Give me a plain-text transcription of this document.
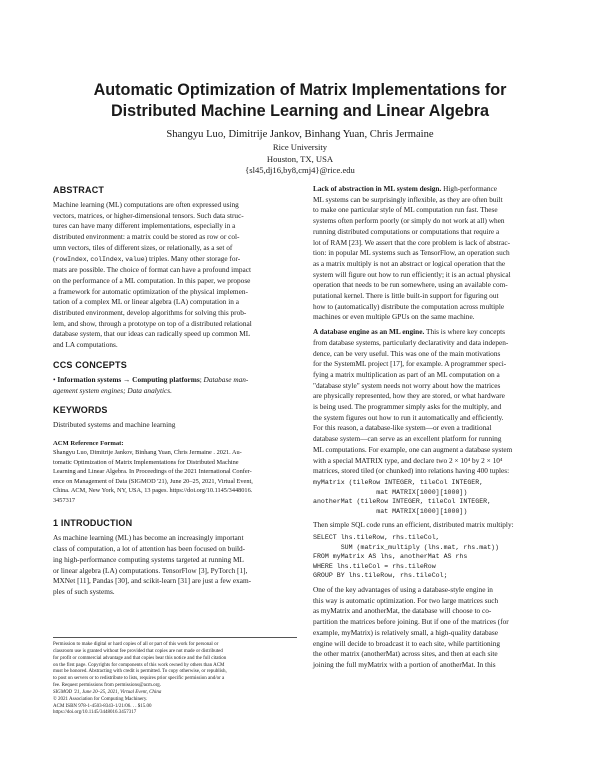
Automatic Optimization of Matrix Implementations for
Distributed Machine Learning and Linear Algebra

Shangyu Luo, Dimitrije Jankov, Binhang Yuan, Chris Jermaine

Rice University
Houston, TX, USA
{sl45,dj16,by8,cmj4}@rice.edu
ABSTRACT
Machine learning (ML) computations are often expressed using
vectors, matrices, or higher-dimensional tensors. Such data struc-
tures can have many different implementations, especially in a
distributed environment: a matrix could be stored as row or col-
umn vectors, tiles of different sizes, or relationally, as a set of
(rowIndex, colIndex, value) triples. Many other storage for-
mats are possible. The choice of format can have a profound impact
on the performance of a ML computation. In this paper, we propose
a framework for automatic optimization of the physical implemen-
tation of a complex ML or linear algebra (LA) computation in a
distributed environment, develop algorithms for solving this prob-
lem, and show, through a prototype on top of a distributed relational
database system, that our ideas can radically speed up common ML
and LA computations.
CCS CONCEPTS
• Information systems → Computing platforms; Database man-
agement system engines; Data analytics.
KEYWORDS
Distributed systems and machine learning
ACM Reference Format:
Shangyu Luo, Dimitrije Jankov, Binhang Yuan, Chris Jermaine . 2021. Au-
tomatic Optimization of Matrix Implementations for Distributed Machine
Learning and Linear Algebra. In Proceedings of the 2021 International Confer-
ence on Management of Data (SIGMOD '21), June 20–25, 2021, Virtual Event,
China. ACM, New York, NY, USA, 13 pages. https://doi.org/10.1145/3448016.
3457317
1 INTRODUCTION
As machine learning (ML) has become an increasingly important
class of computation, a lot of attention has been focused on build-
ing high-performance computing systems targeted at running ML
or linear algebra (LA) computations. TensorFlow [3], PyTorch [1],
MXNet [11], Pandas [30], and scikit-learn [31] are just a few exam-
ples of such systems.
Permission to make digital or hard copies of all or part of this work for personal or
classroom use is granted without fee provided that copies are not made or distributed
for profit or commercial advantage and that copies bear this notice and the full citation
on the first page. Copyrights for components of this work owned by others than ACM
must be honored. Abstracting with credit is permitted. To copy otherwise, or republish,
to post on servers or to redistribute to lists, requires prior specific permission and/or a
fee. Request permissions from permissions@acm.org.
SIGMOD '21, June 20–25, 2021, Virtual Event, China
© 2021 Association for Computing Machinery.
ACM ISBN 978-1-4503-8343-1/21/06. . . $15.00
https://doi.org/10.1145/3448016.3457317
Lack of abstraction in ML system design. High-performance
ML systems can be surprisingly inflexible, as they are often built
to make one particular style of ML computation run fast. These
systems often perform poorly (or simply do not work at all) when
running distributed computations or computations that require a
lot of RAM [23]. We assert that the core problem is lack of abstrac-
tion: in popular ML systems such as TensorFlow, an operation such
as a matrix multiply is not an abstract or logical operation that the
system will figure out how to run efficiently; it is an actual physical
operation that needs to be run somewhere, using an available com-
putational kernel. There is little built-in support for figuring out
how to (automatically) distribute the computation across multiple
machines or even multiple GPUs on the same machine.
A database engine as an ML engine. This is where key concepts
from database systems, particularly declarativity and data indepen-
dence, can be very useful. This was one of the main motivations
for the SystemML project [17], for example. A programmer speci-
fying a matrix multiplication as part of an ML computation on a
"database style" system needs not worry about how the matrices
are physically represented, how they are stored, or what hardware
is being used. The programmer simply asks for the multiply, and
the system figures out how to run it automatically and efficiently.
For this reason, a database-like system—or even a traditional
database system—can serve as an excellent platform for running
ML computations. For example, one can augment a database system
with a special MATRIX type, and declare two 2 × 10⁴ by 2 × 10⁴
matrices, stored tiled (or chunked) into relations having 400 tuples:
myMatrix (tileRow INTEGER, tileCol INTEGER,
mat MATRIX[1000][1000])
anotherMat (tileRow INTEGER, tileCol INTEGER,
mat MATRIX[1000][1000])
Then simple SQL code runs an efficient, distributed matrix multiply:
SELECT lhs.tileRow, rhs.tileCol,
SUM (matrix_multiply (lhs.mat, rhs.mat))
FROM myMatrix AS lhs, anotherMat AS rhs
WHERE lhs.tileCol = rhs.tileRow
GROUP BY lhs.tileRow, rhs.tileCol;
One of the key advantages of using a database-style engine in
this way is automatic optimization. For two large matrices such
as myMatrix and anotherMat, the database will choose to co-
partition the matrices before joining. But if one of the matrices (for
example, myMatrix) is relatively small, a high-quality database
engine will decide to broadcast it to each site, while partitioning
the other matrix (anotherMat) across sites, and then at each site
joining the full myMatrix with a portion of anotherMat. In this
